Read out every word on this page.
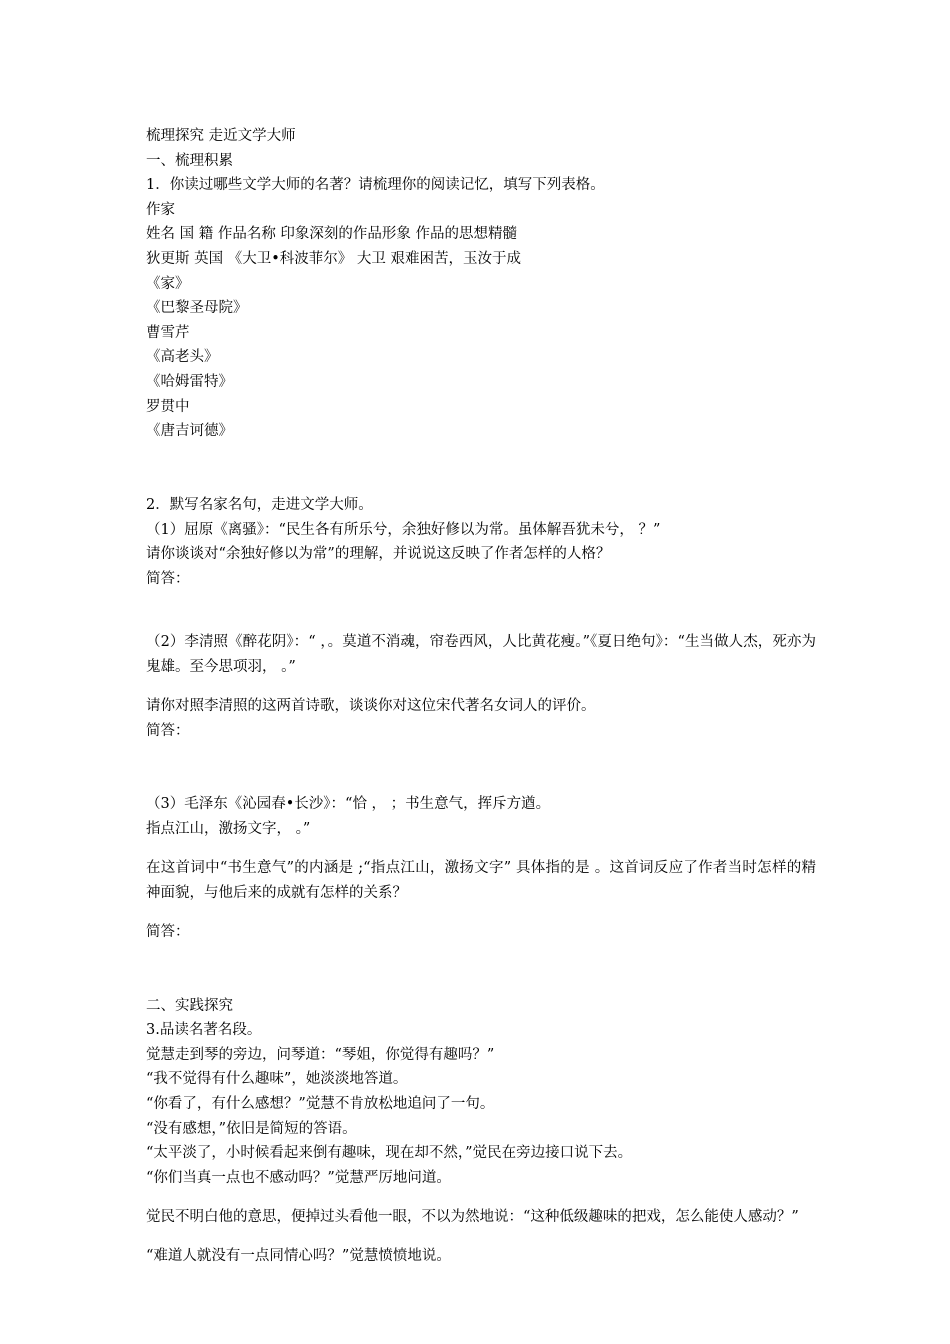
梳理探究 走近文学大师

一、梳理积累

1．你读过哪些文学大师的名著？请梳理你的阅读记忆，填写下列表格。

作家

姓名 国 籍 作品名称 印象深刻的作品形象 作品的思想精髓

狄更斯 英国 《大卫•科波菲尔》 大卫 艰难困苦，玉汝于成

《家》

《巴黎圣母院》

曹雪芹

《高老头》

《哈姆雷特》

罗贯中

《唐吉诃德》

2．默写名家名句，走进文学大师。

（1）屈原《离骚》：“民生各有所乐兮，余独好修以为常。虽体解吾犹未兮， ？”

请你谈谈对“余独好修以为常”的理解，并说说这反映了作者怎样的人格？

简答：

（2）李清照《醉花阴》：“ ，。莫道不消魂，帘卷西风，人比黄花瘦。”《夏日绝句》：“生当做人杰，死亦为鬼雄。至今思项羽， 。”

请你对照李清照的这两首诗歌，谈谈你对这位宋代著名女词人的评价。

简答：

（3）毛泽东《沁园春•长沙》：“恰 ， ；书生意气，挥斥方遒。

指点江山，激扬文字， 。”

在这首词中“书生意气”的内涵是 ;“指点江山，激扬文字” 具体指的是 。这首词反应了作者当时怎样的精神面貌，与他后来的成就有怎样的关系？

简答：

二、实践探究

3.品读名著名段。

觉慧走到琴的旁边，问琴道：“琴姐，你觉得有趣吗？”

“我不觉得有什么趣味”，她淡淡地答道。

“你看了，有什么感想？”觉慧不肯放松地追问了一句。

“没有感想，”依旧是简短的答语。

“太平淡了，小时候看起来倒有趣味，现在却不然，”觉民在旁边接口说下去。

“你们当真一点也不感动吗？”觉慧严厉地问道。

觉民不明白他的意思，便掉过头看他一眼，不以为然地说：“这种低级趣味的把戏，怎么能使人感动？”

“难道人就没有一点同情心吗？”觉慧愤愤地说。
